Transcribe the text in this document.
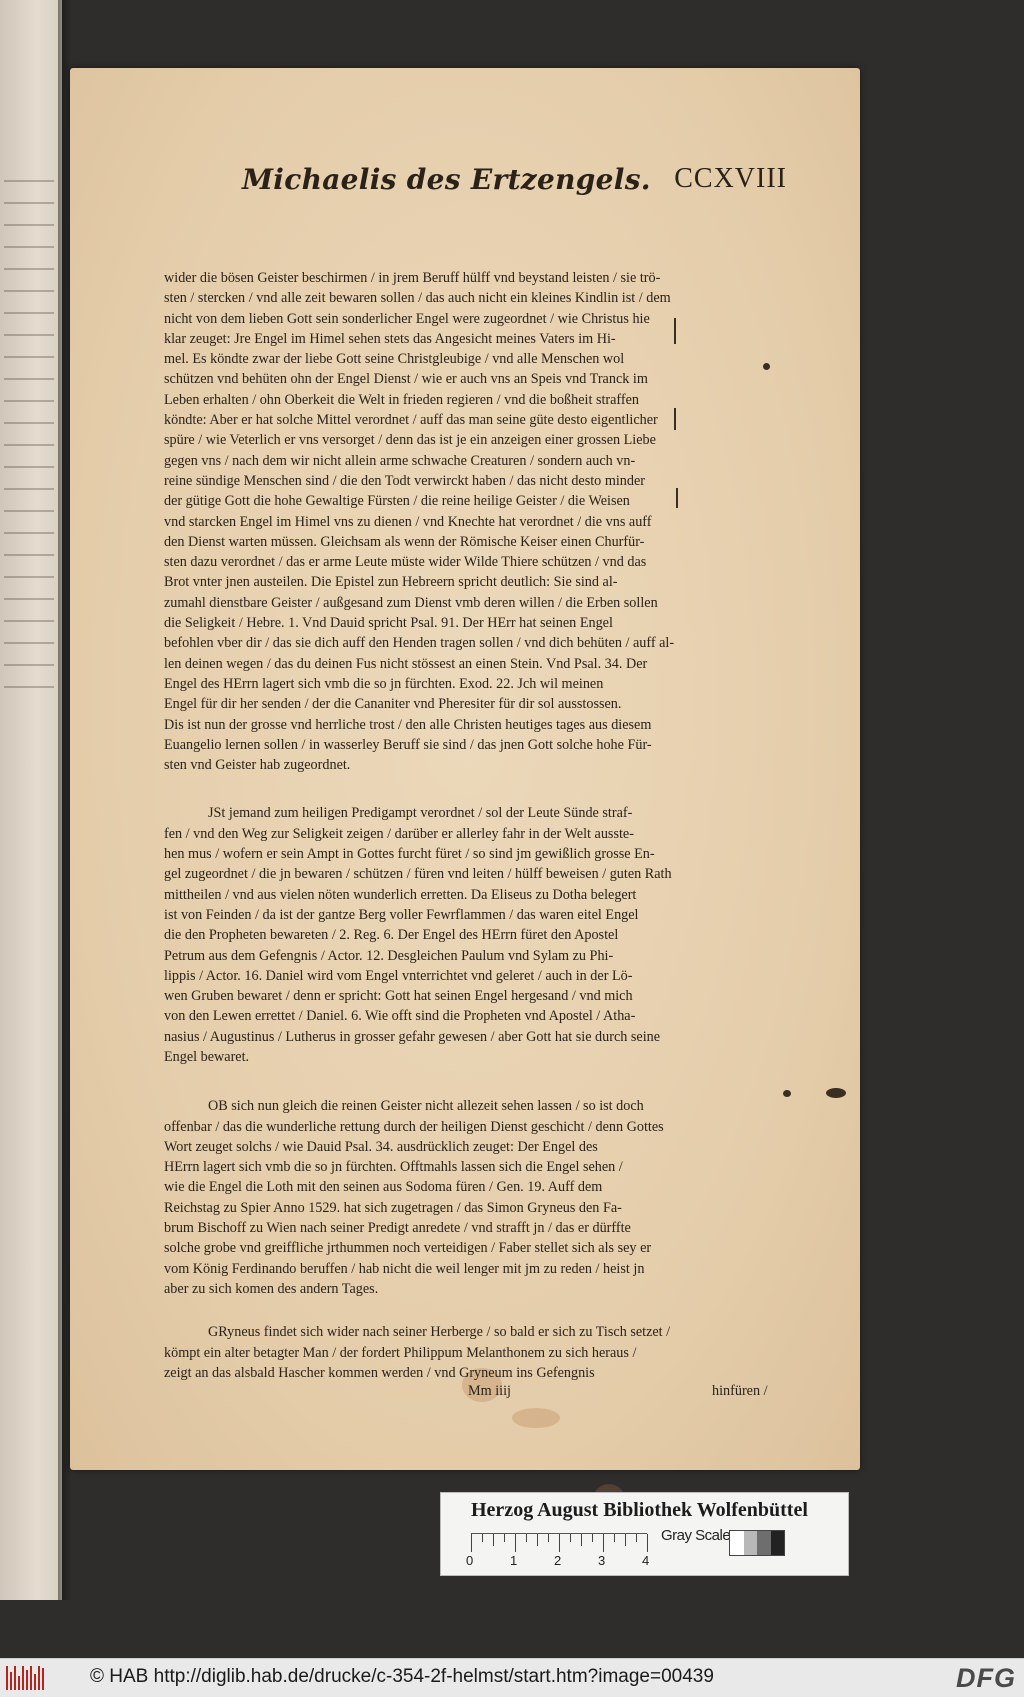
Michaelis des Ertzengels. CCXVIII
wider die bösen Geister beschirmen / in jrem Beruff hülff vnd beystand leisten / sie trö-
sten / stercken / vnd alle zeit bewaren sollen / das auch nicht ein kleines Kindlin ist / dem
nicht von dem lieben Gott sein sonderlicher Engel were zugeordnet / wie Christus hie
klar zeuget: Jre Engel im Himel sehen stets das Angesicht meines Vaters im Hi-
mel. Es köndte zwar der liebe Gott seine Christgleubige / vnd alle Menschen wol
schützen vnd behüten ohn der Engel Dienst / wie er auch vns an Speis vnd Tranck im
Leben erhalten / ohn Oberkeit die Welt in frieden regieren / vnd die boßheit straffen
köndte: Aber er hat solche Mittel verordnet / auff das man seine güte desto eigentlicher
spüre / wie Veterlich er vns versorget / denn das ist je ein anzeigen einer grossen Liebe
gegen vns / nach dem wir nicht allein arme schwache Creaturen / sondern auch vn-
reine sündige Menschen sind / die den Todt verwirckt haben / das nicht desto minder
der gütige Gott die hohe Gewaltige Fürsten / die reine heilige Geister / die Weisen
vnd starcken Engel im Himel vns zu dienen / vnd Knechte hat verordnet / die vns auff
den Dienst warten müssen. Gleichsam als wenn der Römische Keiser einen Churfür-
sten dazu verordnet / das er arme Leute müste wider Wilde Thiere schützen / vnd das
Brot vnter jnen austeilen. Die Epistel zun Hebreern spricht deutlich: Sie sind al-
zumahl dienstbare Geister / außgesand zum Dienst vmb deren willen / die Erben sollen
die Seligkeit / Hebre. 1. Vnd Dauid spricht Psal. 91. Der HErr hat seinen Engel
befohlen vber dir / das sie dich auff den Henden tragen sollen / vnd dich behüten / auff al-
len deinen wegen / das du deinen Fus nicht stössest an einen Stein. Vnd Psal. 34. Der
Engel des HErrn lagert sich vmb die so jn fürchten. Exod. 22. Jch wil meinen
Engel für dir her senden / der die Cananiter vnd Pheresiter für dir sol ausstossen.
Dis ist nun der grosse vnd herrliche trost / den alle Christen heutiges tages aus diesem
Euangelio lernen sollen / in wasserley Beruff sie sind / das jnen Gott solche hohe Für-
sten vnd Geister hab zugeordnet.
JSt jemand zum heiligen Predigampt verordnet / sol der Leute Sünde straf-
fen / vnd den Weg zur Seligkeit zeigen / darüber er allerley fahr in der Welt ausste-
hen mus / wofern er sein Ampt in Gottes furcht füret / so sind jm gewißlich grosse En-
gel zugeordnet / die jn bewaren / schützen / füren vnd leiten / hülff beweisen / guten Rath
mittheilen / vnd aus vielen nöten wunderlich erretten. Da Eliseus zu Dotha belegert
ist von Feinden / da ist der gantze Berg voller Fewrflammen / das waren eitel Engel
die den Propheten bewareten / 2. Reg. 6. Der Engel des HErrn füret den Apostel
Petrum aus dem Gefengnis / Actor. 12. Desgleichen Paulum vnd Sylam zu Phi-
lippis / Actor. 16. Daniel wird vom Engel vnterrichtet vnd geleret / auch in der Lö-
wen Gruben bewaret / denn er spricht: Gott hat seinen Engel hergesand / vnd mich
von den Lewen errettet / Daniel. 6. Wie offt sind die Propheten vnd Apostel / Atha-
nasius / Augustinus / Lutherus in grosser gefahr gewesen / aber Gott hat sie durch seine
Engel bewaret.
OB sich nun gleich die reinen Geister nicht allezeit sehen lassen / so ist doch
offenbar / das die wunderliche rettung durch der heiligen Dienst geschicht / denn Gottes
Wort zeuget solchs / wie Dauid Psal. 34. ausdrücklich zeuget: Der Engel des
HErrn lagert sich vmb die so jn fürchten. Offtmahls lassen sich die Engel sehen /
wie die Engel die Loth mit den seinen aus Sodoma füren / Gen. 19. Auff dem
Reichstag zu Spier Anno 1529. hat sich zugetragen / das Simon Gryneus den Fa-
brum Bischoff zu Wien nach seiner Predigt anredete / vnd strafft jn / das er dürffte
solche grobe vnd greiffliche jrthummen noch verteidigen / Faber stellet sich als sey er
vom König Ferdinando beruffen / hab nicht die weil lenger mit jm zu reden / heist jn
aber zu sich komen des andern Tages.
GRyneus findet sich wider nach seiner Herberge / so bald er sich zu Tisch setzet /
kömpt ein alter betagter Man / der fordert Philippum Melanthonem zu sich heraus /
zeigt an das alsbald Hascher kommen werden / vnd Gryneum ins Gefengnis
Mm iiij	hinfüren /
Herzog August Bibliothek Wolfenbüttel
0	1	2	3	4
Gray Scale
© HAB http://diglib.hab.de/drucke/c-354-2f-helmst/start.htm?image=00439	DFG
